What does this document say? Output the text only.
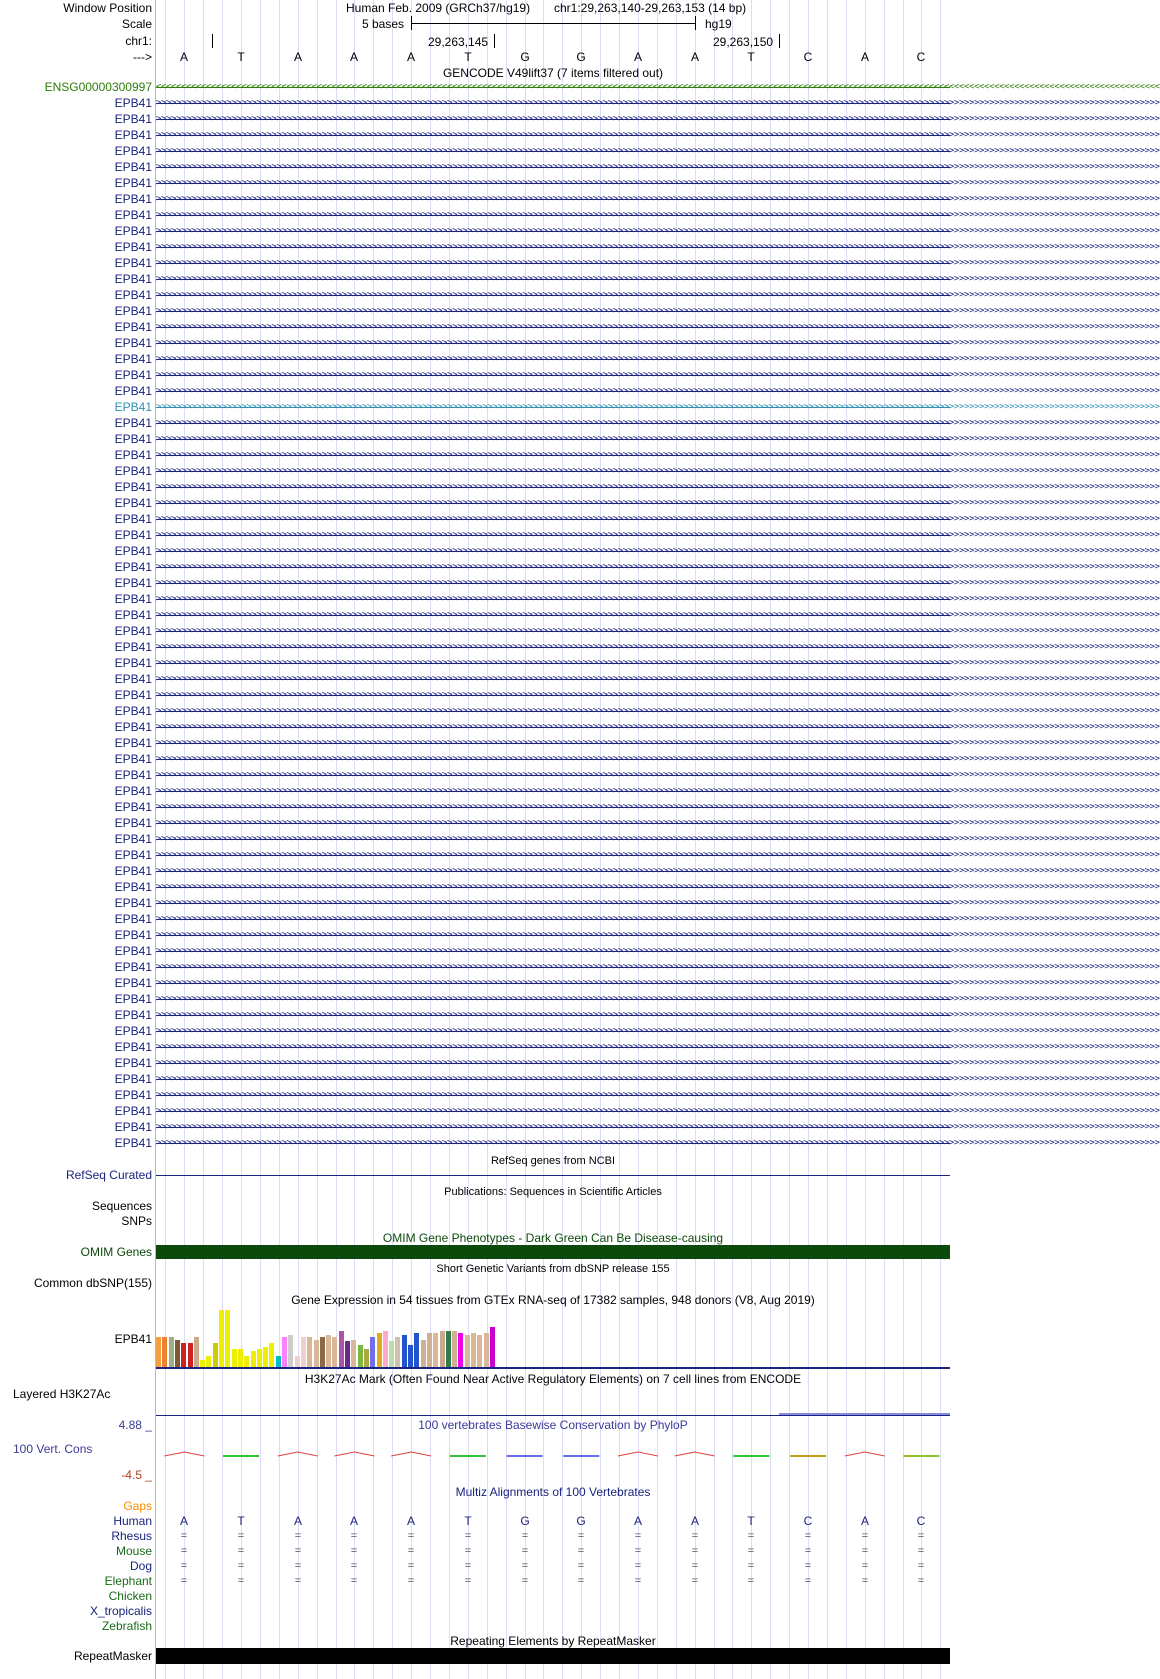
Window Position	Human Feb. 2009 (GRCh37/hg19) chr1:29,263,140-29,263,153 (14 bp)
Scale	5 bases	hg19
chr1:	29,263,145	29,263,150
--->	A	T	A	A	A	T	G	G	A	A	T	C	A	C
GENCODE V49lift37 (7 items filtered out)
ENSG00000300997 <<<<<<<<<<<<<<<<<<<<<<<<<<<<<<<<<<<<<<<<<<<<<<<<<<<<<<<<<<<<<<<<<<<<<<<<<<<<<<<<<<<<<<<<<<<<<<<<<<<<<<<<<<<<<<<<<<<<<<<<<<<<<<<<<<<<<<<<<<<<<<<<<<<<<<<<<<<<<<<<<<<<<<<<<<<<<<<<<<<<<<<<<<<<<<<<<<<<<<<<
EPB41 >>>>>>>>>>>>>>>>>>>>>>>>>>>>>>>>>>>>>>>>>>>>>>>>>>>>>>>>>>>>>>>>>>>>>>>>>>>>>>>>>>>>>>>>>>>>>>>>>>>>>>>>>>>>>>>>>>>>>>>>>>>>>>>>>>>>>>>>>>>>>>>>>>>>>>>>>>>>>>>>>>>>>>>>>>>>>>>>>>>>>>>>>>>>>>>>>>>>>>>>
EPB41 >>>>>>>>>>>>>>>>>>>>>>>>>>>>>>>>>>>>>>>>>>>>>>>>>>>>>>>>>>>>>>>>>>>>>>>>>>>>>>>>>>>>>>>>>>>>>>>>>>>>>>>>>>>>>>>>>>>>>>>>>>>>>>>>>>>>>>>>>>>>>>>>>>>>>>>>>>>>>>>>>>>>>>>>>>>>>>>>>>>>>>>>>>>>>>>>>>>>>>>>
EPB41 >>>>>>>>>>>>>>>>>>>>>>>>>>>>>>>>>>>>>>>>>>>>>>>>>>>>>>>>>>>>>>>>>>>>>>>>>>>>>>>>>>>>>>>>>>>>>>>>>>>>>>>>>>>>>>>>>>>>>>>>>>>>>>>>>>>>>>>>>>>>>>>>>>>>>>>>>>>>>>>>>>>>>>>>>>>>>>>>>>>>>>>>>>>>>>>>>>>>>>>>
EPB41 >>>>>>>>>>>>>>>>>>>>>>>>>>>>>>>>>>>>>>>>>>>>>>>>>>>>>>>>>>>>>>>>>>>>>>>>>>>>>>>>>>>>>>>>>>>>>>>>>>>>>>>>>>>>>>>>>>>>>>>>>>>>>>>>>>>>>>>>>>>>>>>>>>>>>>>>>>>>>>>>>>>>>>>>>>>>>>>>>>>>>>>>>>>>>>>>>>>>>>>>
EPB41 >>>>>>>>>>>>>>>>>>>>>>>>>>>>>>>>>>>>>>>>>>>>>>>>>>>>>>>>>>>>>>>>>>>>>>>>>>>>>>>>>>>>>>>>>>>>>>>>>>>>>>>>>>>>>>>>>>>>>>>>>>>>>>>>>>>>>>>>>>>>>>>>>>>>>>>>>>>>>>>>>>>>>>>>>>>>>>>>>>>>>>>>>>>>>>>>>>>>>>>>
EPB41 >>>>>>>>>>>>>>>>>>>>>>>>>>>>>>>>>>>>>>>>>>>>>>>>>>>>>>>>>>>>>>>>>>>>>>>>>>>>>>>>>>>>>>>>>>>>>>>>>>>>>>>>>>>>>>>>>>>>>>>>>>>>>>>>>>>>>>>>>>>>>>>>>>>>>>>>>>>>>>>>>>>>>>>>>>>>>>>>>>>>>>>>>>>>>>>>>>>>>>>>
EPB41 >>>>>>>>>>>>>>>>>>>>>>>>>>>>>>>>>>>>>>>>>>>>>>>>>>>>>>>>>>>>>>>>>>>>>>>>>>>>>>>>>>>>>>>>>>>>>>>>>>>>>>>>>>>>>>>>>>>>>>>>>>>>>>>>>>>>>>>>>>>>>>>>>>>>>>>>>>>>>>>>>>>>>>>>>>>>>>>>>>>>>>>>>>>>>>>>>>>>>>>>
EPB41 >>>>>>>>>>>>>>>>>>>>>>>>>>>>>>>>>>>>>>>>>>>>>>>>>>>>>>>>>>>>>>>>>>>>>>>>>>>>>>>>>>>>>>>>>>>>>>>>>>>>>>>>>>>>>>>>>>>>>>>>>>>>>>>>>>>>>>>>>>>>>>>>>>>>>>>>>>>>>>>>>>>>>>>>>>>>>>>>>>>>>>>>>>>>>>>>>>>>>>>>
EPB41 >>>>>>>>>>>>>>>>>>>>>>>>>>>>>>>>>>>>>>>>>>>>>>>>>>>>>>>>>>>>>>>>>>>>>>>>>>>>>>>>>>>>>>>>>>>>>>>>>>>>>>>>>>>>>>>>>>>>>>>>>>>>>>>>>>>>>>>>>>>>>>>>>>>>>>>>>>>>>>>>>>>>>>>>>>>>>>>>>>>>>>>>>>>>>>>>>>>>>>>>
EPB41 >>>>>>>>>>>>>>>>>>>>>>>>>>>>>>>>>>>>>>>>>>>>>>>>>>>>>>>>>>>>>>>>>>>>>>>>>>>>>>>>>>>>>>>>>>>>>>>>>>>>>>>>>>>>>>>>>>>>>>>>>>>>>>>>>>>>>>>>>>>>>>>>>>>>>>>>>>>>>>>>>>>>>>>>>>>>>>>>>>>>>>>>>>>>>>>>>>>>>>>>
EPB41 >>>>>>>>>>>>>>>>>>>>>>>>>>>>>>>>>>>>>>>>>>>>>>>>>>>>>>>>>>>>>>>>>>>>>>>>>>>>>>>>>>>>>>>>>>>>>>>>>>>>>>>>>>>>>>>>>>>>>>>>>>>>>>>>>>>>>>>>>>>>>>>>>>>>>>>>>>>>>>>>>>>>>>>>>>>>>>>>>>>>>>>>>>>>>>>>>>>>>>>>
EPB41 >>>>>>>>>>>>>>>>>>>>>>>>>>>>>>>>>>>>>>>>>>>>>>>>>>>>>>>>>>>>>>>>>>>>>>>>>>>>>>>>>>>>>>>>>>>>>>>>>>>>>>>>>>>>>>>>>>>>>>>>>>>>>>>>>>>>>>>>>>>>>>>>>>>>>>>>>>>>>>>>>>>>>>>>>>>>>>>>>>>>>>>>>>>>>>>>>>>>>>>>
EPB41 >>>>>>>>>>>>>>>>>>>>>>>>>>>>>>>>>>>>>>>>>>>>>>>>>>>>>>>>>>>>>>>>>>>>>>>>>>>>>>>>>>>>>>>>>>>>>>>>>>>>>>>>>>>>>>>>>>>>>>>>>>>>>>>>>>>>>>>>>>>>>>>>>>>>>>>>>>>>>>>>>>>>>>>>>>>>>>>>>>>>>>>>>>>>>>>>>>>>>>>>
EPB41 >>>>>>>>>>>>>>>>>>>>>>>>>>>>>>>>>>>>>>>>>>>>>>>>>>>>>>>>>>>>>>>>>>>>>>>>>>>>>>>>>>>>>>>>>>>>>>>>>>>>>>>>>>>>>>>>>>>>>>>>>>>>>>>>>>>>>>>>>>>>>>>>>>>>>>>>>>>>>>>>>>>>>>>>>>>>>>>>>>>>>>>>>>>>>>>>>>>>>>>>
EPB41 >>>>>>>>>>>>>>>>>>>>>>>>>>>>>>>>>>>>>>>>>>>>>>>>>>>>>>>>>>>>>>>>>>>>>>>>>>>>>>>>>>>>>>>>>>>>>>>>>>>>>>>>>>>>>>>>>>>>>>>>>>>>>>>>>>>>>>>>>>>>>>>>>>>>>>>>>>>>>>>>>>>>>>>>>>>>>>>>>>>>>>>>>>>>>>>>>>>>>>>>
EPB41 >>>>>>>>>>>>>>>>>>>>>>>>>>>>>>>>>>>>>>>>>>>>>>>>>>>>>>>>>>>>>>>>>>>>>>>>>>>>>>>>>>>>>>>>>>>>>>>>>>>>>>>>>>>>>>>>>>>>>>>>>>>>>>>>>>>>>>>>>>>>>>>>>>>>>>>>>>>>>>>>>>>>>>>>>>>>>>>>>>>>>>>>>>>>>>>>>>>>>>>>
EPB41 >>>>>>>>>>>>>>>>>>>>>>>>>>>>>>>>>>>>>>>>>>>>>>>>>>>>>>>>>>>>>>>>>>>>>>>>>>>>>>>>>>>>>>>>>>>>>>>>>>>>>>>>>>>>>>>>>>>>>>>>>>>>>>>>>>>>>>>>>>>>>>>>>>>>>>>>>>>>>>>>>>>>>>>>>>>>>>>>>>>>>>>>>>>>>>>>>>>>>>>>
EPB41 >>>>>>>>>>>>>>>>>>>>>>>>>>>>>>>>>>>>>>>>>>>>>>>>>>>>>>>>>>>>>>>>>>>>>>>>>>>>>>>>>>>>>>>>>>>>>>>>>>>>>>>>>>>>>>>>>>>>>>>>>>>>>>>>>>>>>>>>>>>>>>>>>>>>>>>>>>>>>>>>>>>>>>>>>>>>>>>>>>>>>>>>>>>>>>>>>>>>>>>>
EPB41 >>>>>>>>>>>>>>>>>>>>>>>>>>>>>>>>>>>>>>>>>>>>>>>>>>>>>>>>>>>>>>>>>>>>>>>>>>>>>>>>>>>>>>>>>>>>>>>>>>>>>>>>>>>>>>>>>>>>>>>>>>>>>>>>>>>>>>>>>>>>>>>>>>>>>>>>>>>>>>>>>>>>>>>>>>>>>>>>>>>>>>>>>>>>>>>>>>>>>>>>
EPB41 >>>>>>>>>>>>>>>>>>>>>>>>>>>>>>>>>>>>>>>>>>>>>>>>>>>>>>>>>>>>>>>>>>>>>>>>>>>>>>>>>>>>>>>>>>>>>>>>>>>>>>>>>>>>>>>>>>>>>>>>>>>>>>>>>>>>>>>>>>>>>>>>>>>>>>>>>>>>>>>>>>>>>>>>>>>>>>>>>>>>>>>>>>>>>>>>>>>>>>>>
EPB41 >>>>>>>>>>>>>>>>>>>>>>>>>>>>>>>>>>>>>>>>>>>>>>>>>>>>>>>>>>>>>>>>>>>>>>>>>>>>>>>>>>>>>>>>>>>>>>>>>>>>>>>>>>>>>>>>>>>>>>>>>>>>>>>>>>>>>>>>>>>>>>>>>>>>>>>>>>>>>>>>>>>>>>>>>>>>>>>>>>>>>>>>>>>>>>>>>>>>>>>>
EPB41 >>>>>>>>>>>>>>>>>>>>>>>>>>>>>>>>>>>>>>>>>>>>>>>>>>>>>>>>>>>>>>>>>>>>>>>>>>>>>>>>>>>>>>>>>>>>>>>>>>>>>>>>>>>>>>>>>>>>>>>>>>>>>>>>>>>>>>>>>>>>>>>>>>>>>>>>>>>>>>>>>>>>>>>>>>>>>>>>>>>>>>>>>>>>>>>>>>>>>>>>
EPB41 >>>>>>>>>>>>>>>>>>>>>>>>>>>>>>>>>>>>>>>>>>>>>>>>>>>>>>>>>>>>>>>>>>>>>>>>>>>>>>>>>>>>>>>>>>>>>>>>>>>>>>>>>>>>>>>>>>>>>>>>>>>>>>>>>>>>>>>>>>>>>>>>>>>>>>>>>>>>>>>>>>>>>>>>>>>>>>>>>>>>>>>>>>>>>>>>>>>>>>>>
EPB41 >>>>>>>>>>>>>>>>>>>>>>>>>>>>>>>>>>>>>>>>>>>>>>>>>>>>>>>>>>>>>>>>>>>>>>>>>>>>>>>>>>>>>>>>>>>>>>>>>>>>>>>>>>>>>>>>>>>>>>>>>>>>>>>>>>>>>>>>>>>>>>>>>>>>>>>>>>>>>>>>>>>>>>>>>>>>>>>>>>>>>>>>>>>>>>>>>>>>>>>>
EPB41 >>>>>>>>>>>>>>>>>>>>>>>>>>>>>>>>>>>>>>>>>>>>>>>>>>>>>>>>>>>>>>>>>>>>>>>>>>>>>>>>>>>>>>>>>>>>>>>>>>>>>>>>>>>>>>>>>>>>>>>>>>>>>>>>>>>>>>>>>>>>>>>>>>>>>>>>>>>>>>>>>>>>>>>>>>>>>>>>>>>>>>>>>>>>>>>>>>>>>>>>
EPB41 >>>>>>>>>>>>>>>>>>>>>>>>>>>>>>>>>>>>>>>>>>>>>>>>>>>>>>>>>>>>>>>>>>>>>>>>>>>>>>>>>>>>>>>>>>>>>>>>>>>>>>>>>>>>>>>>>>>>>>>>>>>>>>>>>>>>>>>>>>>>>>>>>>>>>>>>>>>>>>>>>>>>>>>>>>>>>>>>>>>>>>>>>>>>>>>>>>>>>>>>
EPB41 >>>>>>>>>>>>>>>>>>>>>>>>>>>>>>>>>>>>>>>>>>>>>>>>>>>>>>>>>>>>>>>>>>>>>>>>>>>>>>>>>>>>>>>>>>>>>>>>>>>>>>>>>>>>>>>>>>>>>>>>>>>>>>>>>>>>>>>>>>>>>>>>>>>>>>>>>>>>>>>>>>>>>>>>>>>>>>>>>>>>>>>>>>>>>>>>>>>>>>>>
EPB41 >>>>>>>>>>>>>>>>>>>>>>>>>>>>>>>>>>>>>>>>>>>>>>>>>>>>>>>>>>>>>>>>>>>>>>>>>>>>>>>>>>>>>>>>>>>>>>>>>>>>>>>>>>>>>>>>>>>>>>>>>>>>>>>>>>>>>>>>>>>>>>>>>>>>>>>>>>>>>>>>>>>>>>>>>>>>>>>>>>>>>>>>>>>>>>>>>>>>>>>>
EPB41 >>>>>>>>>>>>>>>>>>>>>>>>>>>>>>>>>>>>>>>>>>>>>>>>>>>>>>>>>>>>>>>>>>>>>>>>>>>>>>>>>>>>>>>>>>>>>>>>>>>>>>>>>>>>>>>>>>>>>>>>>>>>>>>>>>>>>>>>>>>>>>>>>>>>>>>>>>>>>>>>>>>>>>>>>>>>>>>>>>>>>>>>>>>>>>>>>>>>>>>>
EPB41 >>>>>>>>>>>>>>>>>>>>>>>>>>>>>>>>>>>>>>>>>>>>>>>>>>>>>>>>>>>>>>>>>>>>>>>>>>>>>>>>>>>>>>>>>>>>>>>>>>>>>>>>>>>>>>>>>>>>>>>>>>>>>>>>>>>>>>>>>>>>>>>>>>>>>>>>>>>>>>>>>>>>>>>>>>>>>>>>>>>>>>>>>>>>>>>>>>>>>>>>
EPB41 >>>>>>>>>>>>>>>>>>>>>>>>>>>>>>>>>>>>>>>>>>>>>>>>>>>>>>>>>>>>>>>>>>>>>>>>>>>>>>>>>>>>>>>>>>>>>>>>>>>>>>>>>>>>>>>>>>>>>>>>>>>>>>>>>>>>>>>>>>>>>>>>>>>>>>>>>>>>>>>>>>>>>>>>>>>>>>>>>>>>>>>>>>>>>>>>>>>>>>>>
EPB41 >>>>>>>>>>>>>>>>>>>>>>>>>>>>>>>>>>>>>>>>>>>>>>>>>>>>>>>>>>>>>>>>>>>>>>>>>>>>>>>>>>>>>>>>>>>>>>>>>>>>>>>>>>>>>>>>>>>>>>>>>>>>>>>>>>>>>>>>>>>>>>>>>>>>>>>>>>>>>>>>>>>>>>>>>>>>>>>>>>>>>>>>>>>>>>>>>>>>>>>>
EPB41 >>>>>>>>>>>>>>>>>>>>>>>>>>>>>>>>>>>>>>>>>>>>>>>>>>>>>>>>>>>>>>>>>>>>>>>>>>>>>>>>>>>>>>>>>>>>>>>>>>>>>>>>>>>>>>>>>>>>>>>>>>>>>>>>>>>>>>>>>>>>>>>>>>>>>>>>>>>>>>>>>>>>>>>>>>>>>>>>>>>>>>>>>>>>>>>>>>>>>>>>
EPB41 >>>>>>>>>>>>>>>>>>>>>>>>>>>>>>>>>>>>>>>>>>>>>>>>>>>>>>>>>>>>>>>>>>>>>>>>>>>>>>>>>>>>>>>>>>>>>>>>>>>>>>>>>>>>>>>>>>>>>>>>>>>>>>>>>>>>>>>>>>>>>>>>>>>>>>>>>>>>>>>>>>>>>>>>>>>>>>>>>>>>>>>>>>>>>>>>>>>>>>>>
EPB41 >>>>>>>>>>>>>>>>>>>>>>>>>>>>>>>>>>>>>>>>>>>>>>>>>>>>>>>>>>>>>>>>>>>>>>>>>>>>>>>>>>>>>>>>>>>>>>>>>>>>>>>>>>>>>>>>>>>>>>>>>>>>>>>>>>>>>>>>>>>>>>>>>>>>>>>>>>>>>>>>>>>>>>>>>>>>>>>>>>>>>>>>>>>>>>>>>>>>>>>>
EPB41 >>>>>>>>>>>>>>>>>>>>>>>>>>>>>>>>>>>>>>>>>>>>>>>>>>>>>>>>>>>>>>>>>>>>>>>>>>>>>>>>>>>>>>>>>>>>>>>>>>>>>>>>>>>>>>>>>>>>>>>>>>>>>>>>>>>>>>>>>>>>>>>>>>>>>>>>>>>>>>>>>>>>>>>>>>>>>>>>>>>>>>>>>>>>>>>>>>>>>>>>
EPB41 >>>>>>>>>>>>>>>>>>>>>>>>>>>>>>>>>>>>>>>>>>>>>>>>>>>>>>>>>>>>>>>>>>>>>>>>>>>>>>>>>>>>>>>>>>>>>>>>>>>>>>>>>>>>>>>>>>>>>>>>>>>>>>>>>>>>>>>>>>>>>>>>>>>>>>>>>>>>>>>>>>>>>>>>>>>>>>>>>>>>>>>>>>>>>>>>>>>>>>>>
EPB41 >>>>>>>>>>>>>>>>>>>>>>>>>>>>>>>>>>>>>>>>>>>>>>>>>>>>>>>>>>>>>>>>>>>>>>>>>>>>>>>>>>>>>>>>>>>>>>>>>>>>>>>>>>>>>>>>>>>>>>>>>>>>>>>>>>>>>>>>>>>>>>>>>>>>>>>>>>>>>>>>>>>>>>>>>>>>>>>>>>>>>>>>>>>>>>>>>>>>>>>>
EPB41 >>>>>>>>>>>>>>>>>>>>>>>>>>>>>>>>>>>>>>>>>>>>>>>>>>>>>>>>>>>>>>>>>>>>>>>>>>>>>>>>>>>>>>>>>>>>>>>>>>>>>>>>>>>>>>>>>>>>>>>>>>>>>>>>>>>>>>>>>>>>>>>>>>>>>>>>>>>>>>>>>>>>>>>>>>>>>>>>>>>>>>>>>>>>>>>>>>>>>>>>
EPB41 >>>>>>>>>>>>>>>>>>>>>>>>>>>>>>>>>>>>>>>>>>>>>>>>>>>>>>>>>>>>>>>>>>>>>>>>>>>>>>>>>>>>>>>>>>>>>>>>>>>>>>>>>>>>>>>>>>>>>>>>>>>>>>>>>>>>>>>>>>>>>>>>>>>>>>>>>>>>>>>>>>>>>>>>>>>>>>>>>>>>>>>>>>>>>>>>>>>>>>>>
EPB41 >>>>>>>>>>>>>>>>>>>>>>>>>>>>>>>>>>>>>>>>>>>>>>>>>>>>>>>>>>>>>>>>>>>>>>>>>>>>>>>>>>>>>>>>>>>>>>>>>>>>>>>>>>>>>>>>>>>>>>>>>>>>>>>>>>>>>>>>>>>>>>>>>>>>>>>>>>>>>>>>>>>>>>>>>>>>>>>>>>>>>>>>>>>>>>>>>>>>>>>>
EPB41 >>>>>>>>>>>>>>>>>>>>>>>>>>>>>>>>>>>>>>>>>>>>>>>>>>>>>>>>>>>>>>>>>>>>>>>>>>>>>>>>>>>>>>>>>>>>>>>>>>>>>>>>>>>>>>>>>>>>>>>>>>>>>>>>>>>>>>>>>>>>>>>>>>>>>>>>>>>>>>>>>>>>>>>>>>>>>>>>>>>>>>>>>>>>>>>>>>>>>>>>
EPB41 >>>>>>>>>>>>>>>>>>>>>>>>>>>>>>>>>>>>>>>>>>>>>>>>>>>>>>>>>>>>>>>>>>>>>>>>>>>>>>>>>>>>>>>>>>>>>>>>>>>>>>>>>>>>>>>>>>>>>>>>>>>>>>>>>>>>>>>>>>>>>>>>>>>>>>>>>>>>>>>>>>>>>>>>>>>>>>>>>>>>>>>>>>>>>>>>>>>>>>>>
EPB41 >>>>>>>>>>>>>>>>>>>>>>>>>>>>>>>>>>>>>>>>>>>>>>>>>>>>>>>>>>>>>>>>>>>>>>>>>>>>>>>>>>>>>>>>>>>>>>>>>>>>>>>>>>>>>>>>>>>>>>>>>>>>>>>>>>>>>>>>>>>>>>>>>>>>>>>>>>>>>>>>>>>>>>>>>>>>>>>>>>>>>>>>>>>>>>>>>>>>>>>>
EPB41 >>>>>>>>>>>>>>>>>>>>>>>>>>>>>>>>>>>>>>>>>>>>>>>>>>>>>>>>>>>>>>>>>>>>>>>>>>>>>>>>>>>>>>>>>>>>>>>>>>>>>>>>>>>>>>>>>>>>>>>>>>>>>>>>>>>>>>>>>>>>>>>>>>>>>>>>>>>>>>>>>>>>>>>>>>>>>>>>>>>>>>>>>>>>>>>>>>>>>>>>
EPB41 >>>>>>>>>>>>>>>>>>>>>>>>>>>>>>>>>>>>>>>>>>>>>>>>>>>>>>>>>>>>>>>>>>>>>>>>>>>>>>>>>>>>>>>>>>>>>>>>>>>>>>>>>>>>>>>>>>>>>>>>>>>>>>>>>>>>>>>>>>>>>>>>>>>>>>>>>>>>>>>>>>>>>>>>>>>>>>>>>>>>>>>>>>>>>>>>>>>>>>>>
EPB41 >>>>>>>>>>>>>>>>>>>>>>>>>>>>>>>>>>>>>>>>>>>>>>>>>>>>>>>>>>>>>>>>>>>>>>>>>>>>>>>>>>>>>>>>>>>>>>>>>>>>>>>>>>>>>>>>>>>>>>>>>>>>>>>>>>>>>>>>>>>>>>>>>>>>>>>>>>>>>>>>>>>>>>>>>>>>>>>>>>>>>>>>>>>>>>>>>>>>>>>>
EPB41 >>>>>>>>>>>>>>>>>>>>>>>>>>>>>>>>>>>>>>>>>>>>>>>>>>>>>>>>>>>>>>>>>>>>>>>>>>>>>>>>>>>>>>>>>>>>>>>>>>>>>>>>>>>>>>>>>>>>>>>>>>>>>>>>>>>>>>>>>>>>>>>>>>>>>>>>>>>>>>>>>>>>>>>>>>>>>>>>>>>>>>>>>>>>>>>>>>>>>>>>
EPB41 >>>>>>>>>>>>>>>>>>>>>>>>>>>>>>>>>>>>>>>>>>>>>>>>>>>>>>>>>>>>>>>>>>>>>>>>>>>>>>>>>>>>>>>>>>>>>>>>>>>>>>>>>>>>>>>>>>>>>>>>>>>>>>>>>>>>>>>>>>>>>>>>>>>>>>>>>>>>>>>>>>>>>>>>>>>>>>>>>>>>>>>>>>>>>>>>>>>>>>>>
EPB41 >>>>>>>>>>>>>>>>>>>>>>>>>>>>>>>>>>>>>>>>>>>>>>>>>>>>>>>>>>>>>>>>>>>>>>>>>>>>>>>>>>>>>>>>>>>>>>>>>>>>>>>>>>>>>>>>>>>>>>>>>>>>>>>>>>>>>>>>>>>>>>>>>>>>>>>>>>>>>>>>>>>>>>>>>>>>>>>>>>>>>>>>>>>>>>>>>>>>>>>>
EPB41 >>>>>>>>>>>>>>>>>>>>>>>>>>>>>>>>>>>>>>>>>>>>>>>>>>>>>>>>>>>>>>>>>>>>>>>>>>>>>>>>>>>>>>>>>>>>>>>>>>>>>>>>>>>>>>>>>>>>>>>>>>>>>>>>>>>>>>>>>>>>>>>>>>>>>>>>>>>>>>>>>>>>>>>>>>>>>>>>>>>>>>>>>>>>>>>>>>>>>>>>
EPB41 >>>>>>>>>>>>>>>>>>>>>>>>>>>>>>>>>>>>>>>>>>>>>>>>>>>>>>>>>>>>>>>>>>>>>>>>>>>>>>>>>>>>>>>>>>>>>>>>>>>>>>>>>>>>>>>>>>>>>>>>>>>>>>>>>>>>>>>>>>>>>>>>>>>>>>>>>>>>>>>>>>>>>>>>>>>>>>>>>>>>>>>>>>>>>>>>>>>>>>>>
EPB41 >>>>>>>>>>>>>>>>>>>>>>>>>>>>>>>>>>>>>>>>>>>>>>>>>>>>>>>>>>>>>>>>>>>>>>>>>>>>>>>>>>>>>>>>>>>>>>>>>>>>>>>>>>>>>>>>>>>>>>>>>>>>>>>>>>>>>>>>>>>>>>>>>>>>>>>>>>>>>>>>>>>>>>>>>>>>>>>>>>>>>>>>>>>>>>>>>>>>>>>>
EPB41 >>>>>>>>>>>>>>>>>>>>>>>>>>>>>>>>>>>>>>>>>>>>>>>>>>>>>>>>>>>>>>>>>>>>>>>>>>>>>>>>>>>>>>>>>>>>>>>>>>>>>>>>>>>>>>>>>>>>>>>>>>>>>>>>>>>>>>>>>>>>>>>>>>>>>>>>>>>>>>>>>>>>>>>>>>>>>>>>>>>>>>>>>>>>>>>>>>>>>>>>
EPB41 >>>>>>>>>>>>>>>>>>>>>>>>>>>>>>>>>>>>>>>>>>>>>>>>>>>>>>>>>>>>>>>>>>>>>>>>>>>>>>>>>>>>>>>>>>>>>>>>>>>>>>>>>>>>>>>>>>>>>>>>>>>>>>>>>>>>>>>>>>>>>>>>>>>>>>>>>>>>>>>>>>>>>>>>>>>>>>>>>>>>>>>>>>>>>>>>>>>>>>>>
EPB41 >>>>>>>>>>>>>>>>>>>>>>>>>>>>>>>>>>>>>>>>>>>>>>>>>>>>>>>>>>>>>>>>>>>>>>>>>>>>>>>>>>>>>>>>>>>>>>>>>>>>>>>>>>>>>>>>>>>>>>>>>>>>>>>>>>>>>>>>>>>>>>>>>>>>>>>>>>>>>>>>>>>>>>>>>>>>>>>>>>>>>>>>>>>>>>>>>>>>>>>>
EPB41 >>>>>>>>>>>>>>>>>>>>>>>>>>>>>>>>>>>>>>>>>>>>>>>>>>>>>>>>>>>>>>>>>>>>>>>>>>>>>>>>>>>>>>>>>>>>>>>>>>>>>>>>>>>>>>>>>>>>>>>>>>>>>>>>>>>>>>>>>>>>>>>>>>>>>>>>>>>>>>>>>>>>>>>>>>>>>>>>>>>>>>>>>>>>>>>>>>>>>>>>
EPB41 >>>>>>>>>>>>>>>>>>>>>>>>>>>>>>>>>>>>>>>>>>>>>>>>>>>>>>>>>>>>>>>>>>>>>>>>>>>>>>>>>>>>>>>>>>>>>>>>>>>>>>>>>>>>>>>>>>>>>>>>>>>>>>>>>>>>>>>>>>>>>>>>>>>>>>>>>>>>>>>>>>>>>>>>>>>>>>>>>>>>>>>>>>>>>>>>>>>>>>>>
EPB41 >>>>>>>>>>>>>>>>>>>>>>>>>>>>>>>>>>>>>>>>>>>>>>>>>>>>>>>>>>>>>>>>>>>>>>>>>>>>>>>>>>>>>>>>>>>>>>>>>>>>>>>>>>>>>>>>>>>>>>>>>>>>>>>>>>>>>>>>>>>>>>>>>>>>>>>>>>>>>>>>>>>>>>>>>>>>>>>>>>>>>>>>>>>>>>>>>>>>>>>>
EPB41 >>>>>>>>>>>>>>>>>>>>>>>>>>>>>>>>>>>>>>>>>>>>>>>>>>>>>>>>>>>>>>>>>>>>>>>>>>>>>>>>>>>>>>>>>>>>>>>>>>>>>>>>>>>>>>>>>>>>>>>>>>>>>>>>>>>>>>>>>>>>>>>>>>>>>>>>>>>>>>>>>>>>>>>>>>>>>>>>>>>>>>>>>>>>>>>>>>>>>>>>
EPB41 >>>>>>>>>>>>>>>>>>>>>>>>>>>>>>>>>>>>>>>>>>>>>>>>>>>>>>>>>>>>>>>>>>>>>>>>>>>>>>>>>>>>>>>>>>>>>>>>>>>>>>>>>>>>>>>>>>>>>>>>>>>>>>>>>>>>>>>>>>>>>>>>>>>>>>>>>>>>>>>>>>>>>>>>>>>>>>>>>>>>>>>>>>>>>>>>>>>>>>>>
EPB41 >>>>>>>>>>>>>>>>>>>>>>>>>>>>>>>>>>>>>>>>>>>>>>>>>>>>>>>>>>>>>>>>>>>>>>>>>>>>>>>>>>>>>>>>>>>>>>>>>>>>>>>>>>>>>>>>>>>>>>>>>>>>>>>>>>>>>>>>>>>>>>>>>>>>>>>>>>>>>>>>>>>>>>>>>>>>>>>>>>>>>>>>>>>>>>>>>>>>>>>>
EPB41 >>>>>>>>>>>>>>>>>>>>>>>>>>>>>>>>>>>>>>>>>>>>>>>>>>>>>>>>>>>>>>>>>>>>>>>>>>>>>>>>>>>>>>>>>>>>>>>>>>>>>>>>>>>>>>>>>>>>>>>>>>>>>>>>>>>>>>>>>>>>>>>>>>>>>>>>>>>>>>>>>>>>>>>>>>>>>>>>>>>>>>>>>>>>>>>>>>>>>>>>
EPB41 >>>>>>>>>>>>>>>>>>>>>>>>>>>>>>>>>>>>>>>>>>>>>>>>>>>>>>>>>>>>>>>>>>>>>>>>>>>>>>>>>>>>>>>>>>>>>>>>>>>>>>>>>>>>>>>>>>>>>>>>>>>>>>>>>>>>>>>>>>>>>>>>>>>>>>>>>>>>>>>>>>>>>>>>>>>>>>>>>>>>>>>>>>>>>>>>>>>>>>>>
EPB41 >>>>>>>>>>>>>>>>>>>>>>>>>>>>>>>>>>>>>>>>>>>>>>>>>>>>>>>>>>>>>>>>>>>>>>>>>>>>>>>>>>>>>>>>>>>>>>>>>>>>>>>>>>>>>>>>>>>>>>>>>>>>>>>>>>>>>>>>>>>>>>>>>>>>>>>>>>>>>>>>>>>>>>>>>>>>>>>>>>>>>>>>>>>>>>>>>>>>>>>>
EPB41 >>>>>>>>>>>>>>>>>>>>>>>>>>>>>>>>>>>>>>>>>>>>>>>>>>>>>>>>>>>>>>>>>>>>>>>>>>>>>>>>>>>>>>>>>>>>>>>>>>>>>>>>>>>>>>>>>>>>>>>>>>>>>>>>>>>>>>>>>>>>>>>>>>>>>>>>>>>>>>>>>>>>>>>>>>>>>>>>>>>>>>>>>>>>>>>>>>>>>>>>
RefSeq genes from NCBI
RefSeq Curated
Publications: Sequences in Scientific Articles
Sequences
SNPs
OMIM Gene Phenotypes - Dark Green Can Be Disease-causing
OMIM Genes
Short Genetic Variants from dbSNP release 155
Common dbSNP(155)
Gene Expression in 54 tissues from GTEx RNA-seq of 17382 samples, 948 donors (V8, Aug 2019)
EPB41
H3K27Ac Mark (Often Found Near Active Regulatory Elements) on 7 cell lines from ENCODE
Layered H3K27Ac
100 vertebrates Basewise Conservation by PhyloP
4.88 _
100 Vert. Cons
-4.5 _
Multiz Alignments of 100 Vertebrates
Gaps
Human	A	T	A	A	A	T	G	G	A	A	T	C	A	C
Rhesus	=	=	=	=	=	=	=	=	=	=	=	=	=	=
Mouse	=	=	=	=	=	=	=	=	=	=	=	=	=	=
Dog	=	=	=	=	=	=	=	=	=	=	=	=	=	=
Elephant	=	=	=	=	=	=	=	=	=	=	=	=	=	=
Chicken
X_tropicalis
Zebrafish
Repeating Elements by RepeatMasker
RepeatMasker
